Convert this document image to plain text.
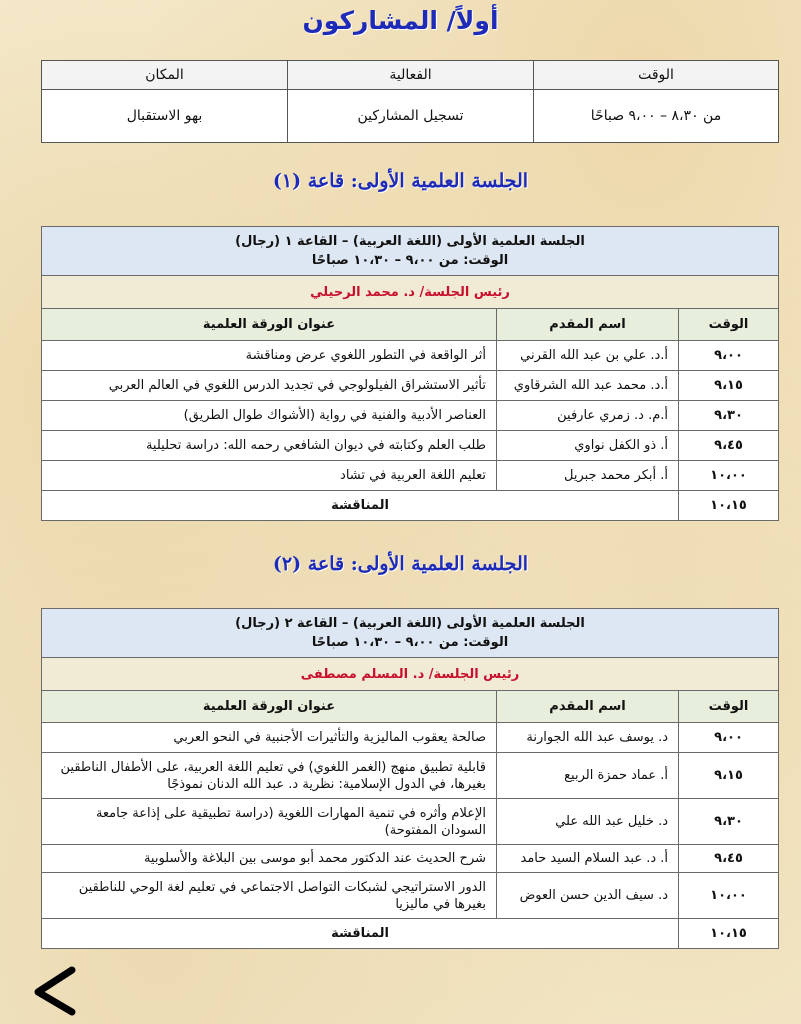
أولاً/ المشاركون
الوقت	الفعالية	المكان
من ٨،٣٠ – ٩،٠٠ صباحًا	تسجيل المشاركين	بهو الاستقبال
الجلسة العلمية الأولى: قاعة (١)
الجلسة العلمية الأولى (اللغة العربية) – القاعة ١ (رجال)
الوقت: من ٩،٠٠ – ١٠،٣٠ صباحًا		

رئيس الجلسة/ د. محمد الرحيلي		
الوقت	اسم المقدم	عنوان الورقة العلمية
٩،٠٠	أ.د. علي بن عبد الله القرني	أثر الواقعة في التطور اللغوي عرض ومناقشة
٩،١٥	أ.د. محمد عبد الله الشرقاوي	تأثير الاستشراق الفيلولوجي في تجديد الدرس اللغوي في العالم العربي
٩،٣٠	أ.م. د. زمري عارفين	العناصر الأدبية والفنية في رواية (الأشواك طوال الطريق)
٩،٤٥	أ. ذو الكفل نواوي	طلب العلم وكتابته في ديوان الشافعي رحمه الله: دراسة تحليلية
١٠،٠٠	أ. أبكر محمد جبريل	تعليم اللغة العربية في تشاد
١٠،١٥	المناقشة	
الجلسة العلمية الأولى: قاعة (٢)
الجلسة العلمية الأولى (اللغة العربية) – القاعة ٢ (رجال)
الوقت: من ٩،٠٠ – ١٠،٣٠ صباحًا		

رئيس الجلسة/ د. المسلم مصطفى		
الوقت	اسم المقدم	عنوان الورقة العلمية
٩،٠٠	د. يوسف عبد الله الجوارنة	صالحة يعقوب الماليزية والتأثيرات الأجنبية في النحو العربي
٩،١٥	أ. عماد حمزة الربيع	قابلية تطبيق منهج (الغمر اللغوي) في تعليم اللغة العربية، على الأطفال الناطقين بغيرها، في الدول الإسلامية: نظرية د. عبد الله الدنان نموذجًا
٩،٣٠	د. خليل عبد الله علي	الإعلام وأثره في تنمية المهارات اللغوية (دراسة تطبيقية على إذاعة جامعة السودان المفتوحة)
٩،٤٥	أ. د. عبد السلام السيد حامد	شرح الحديث عند الدكتور محمد أبو موسى بين البلاغة والأسلوبية
١٠،٠٠	د. سيف الدين حسن العوض	الدور الاستراتيجي لشبكات التواصل الاجتماعي في تعليم لغة الوحي للناطقين بغيرها في ماليزيا
١٠،١٥	المناقشة	
